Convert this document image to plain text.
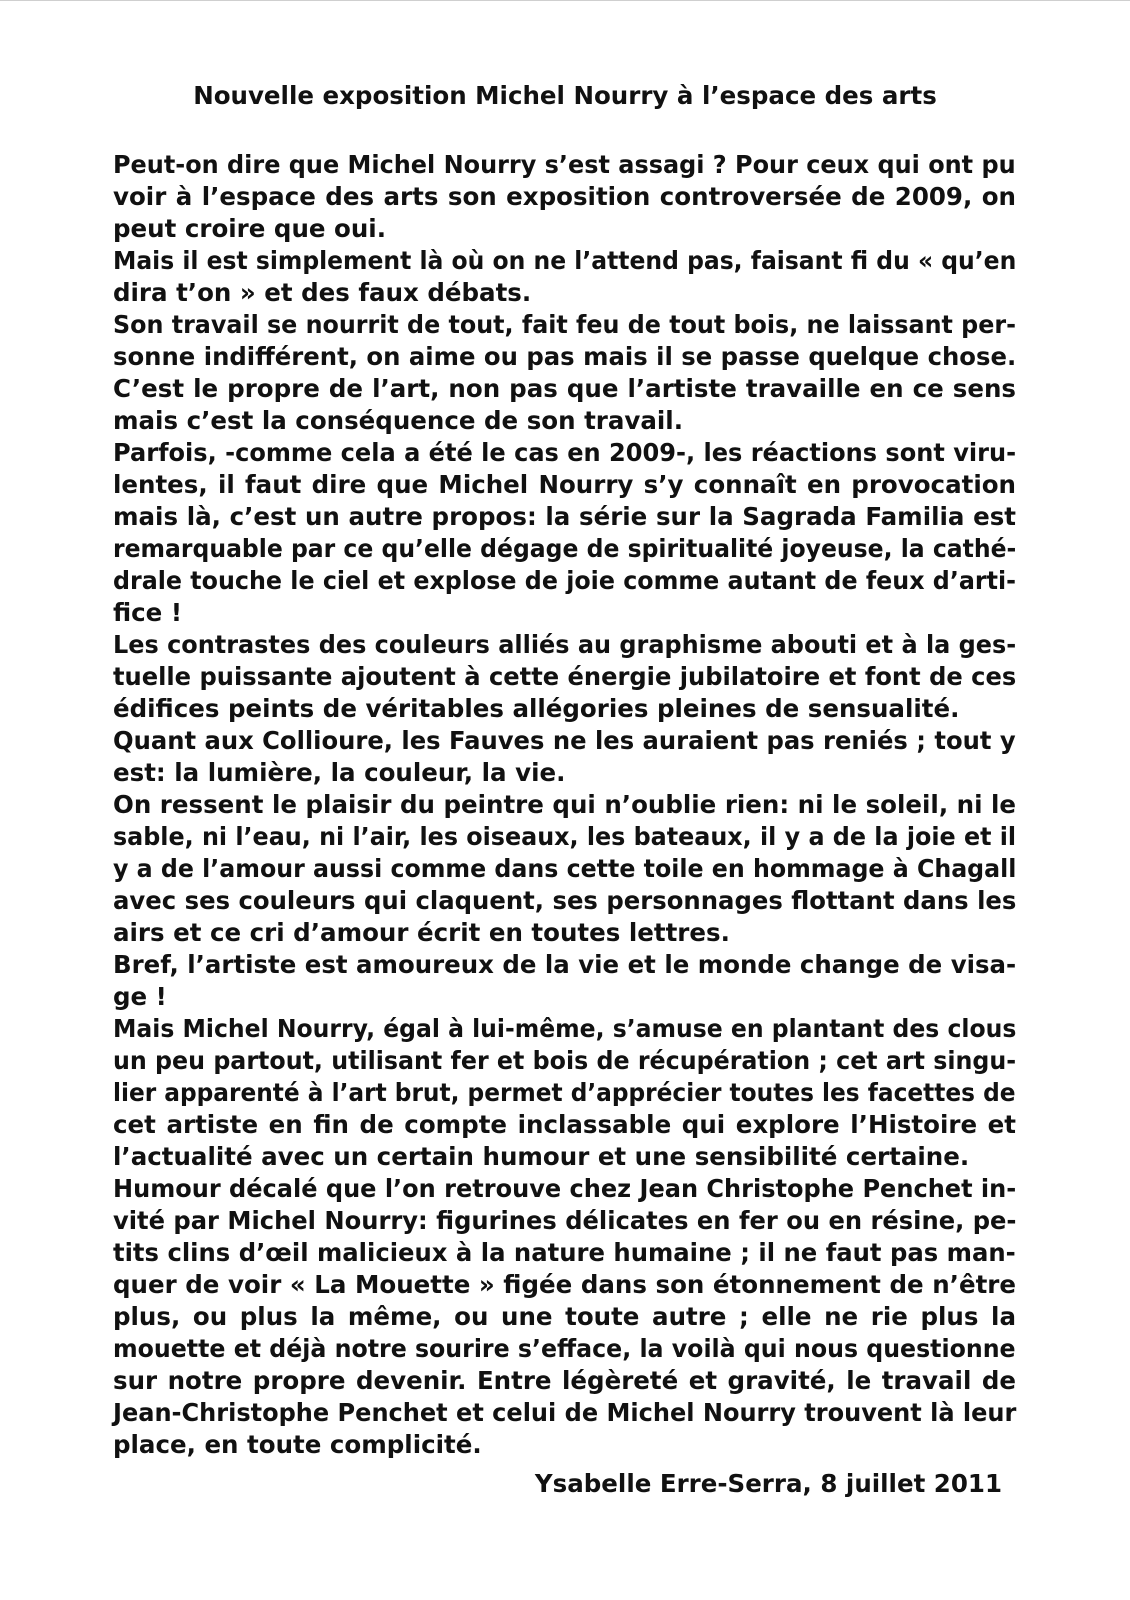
Nouvelle exposition Michel Nourry à l’espace des arts
Peut-on dire que Michel Nourry s’est assagi ? Pour ceux qui ont pu
voir à l’espace des arts son exposition controversée de 2009, on
peut croire que oui.
Mais il est simplement là où on ne l’attend pas, faisant fi du « qu’en
dira t’on » et des faux débats.
Son travail se nourrit de tout, fait feu de tout bois, ne laissant per-
sonne indifférent, on aime ou pas mais il se passe quelque chose.
C’est le propre de l’art, non pas que l’artiste travaille en ce sens
mais c’est la conséquence de son travail.
Parfois, -comme cela a été le cas en 2009-, les réactions sont viru-
lentes, il faut dire que Michel Nourry s’y connaît en provocation
mais là, c’est un autre propos: la série sur la Sagrada Familia est
remarquable par ce qu’elle dégage de spiritualité joyeuse, la cathé-
drale touche le ciel et explose de joie comme autant de feux d’arti-
fice !
Les contrastes des couleurs alliés au graphisme abouti et à la ges-
tuelle puissante ajoutent à cette énergie jubilatoire et font de ces
édifices peints de véritables allégories pleines de sensualité.
Quant aux Collioure, les Fauves ne les auraient pas reniés ; tout y
est: la lumière, la couleur, la vie.
On ressent le plaisir du peintre qui n’oublie rien: ni le soleil, ni le
sable, ni l’eau, ni l’air, les oiseaux, les bateaux, il y a de la joie et il
y a de l’amour aussi comme dans cette toile en hommage à Chagall
avec ses couleurs qui claquent, ses personnages flottant dans les
airs et ce cri d’amour écrit en toutes lettres.
Bref, l’artiste est amoureux de la vie et le monde change de visa-
ge !
Mais Michel Nourry, égal à lui-même, s’amuse en plantant des clous
un peu partout, utilisant fer et bois de récupération ; cet art singu-
lier apparenté à l’art brut, permet d’apprécier toutes les facettes de
cet artiste en fin de compte inclassable qui explore l’Histoire et
l’actualité avec un certain humour et une sensibilité certaine.
Humour décalé que l’on retrouve chez Jean Christophe Penchet in-
vité par Michel Nourry: figurines délicates en fer ou en résine, pe-
tits clins d’œil malicieux à la nature humaine ; il ne faut pas man-
quer de voir « La Mouette » figée dans son étonnement de n’être
plus, ou plus la même, ou une toute autre ; elle ne rie plus la
mouette et déjà notre sourire s’efface, la voilà qui nous questionne
sur notre propre devenir. Entre légèreté et gravité, le travail de
Jean-Christophe Penchet et celui de Michel Nourry trouvent là leur
place, en toute complicité.
Ysabelle Erre-Serra, 8 juillet 2011
